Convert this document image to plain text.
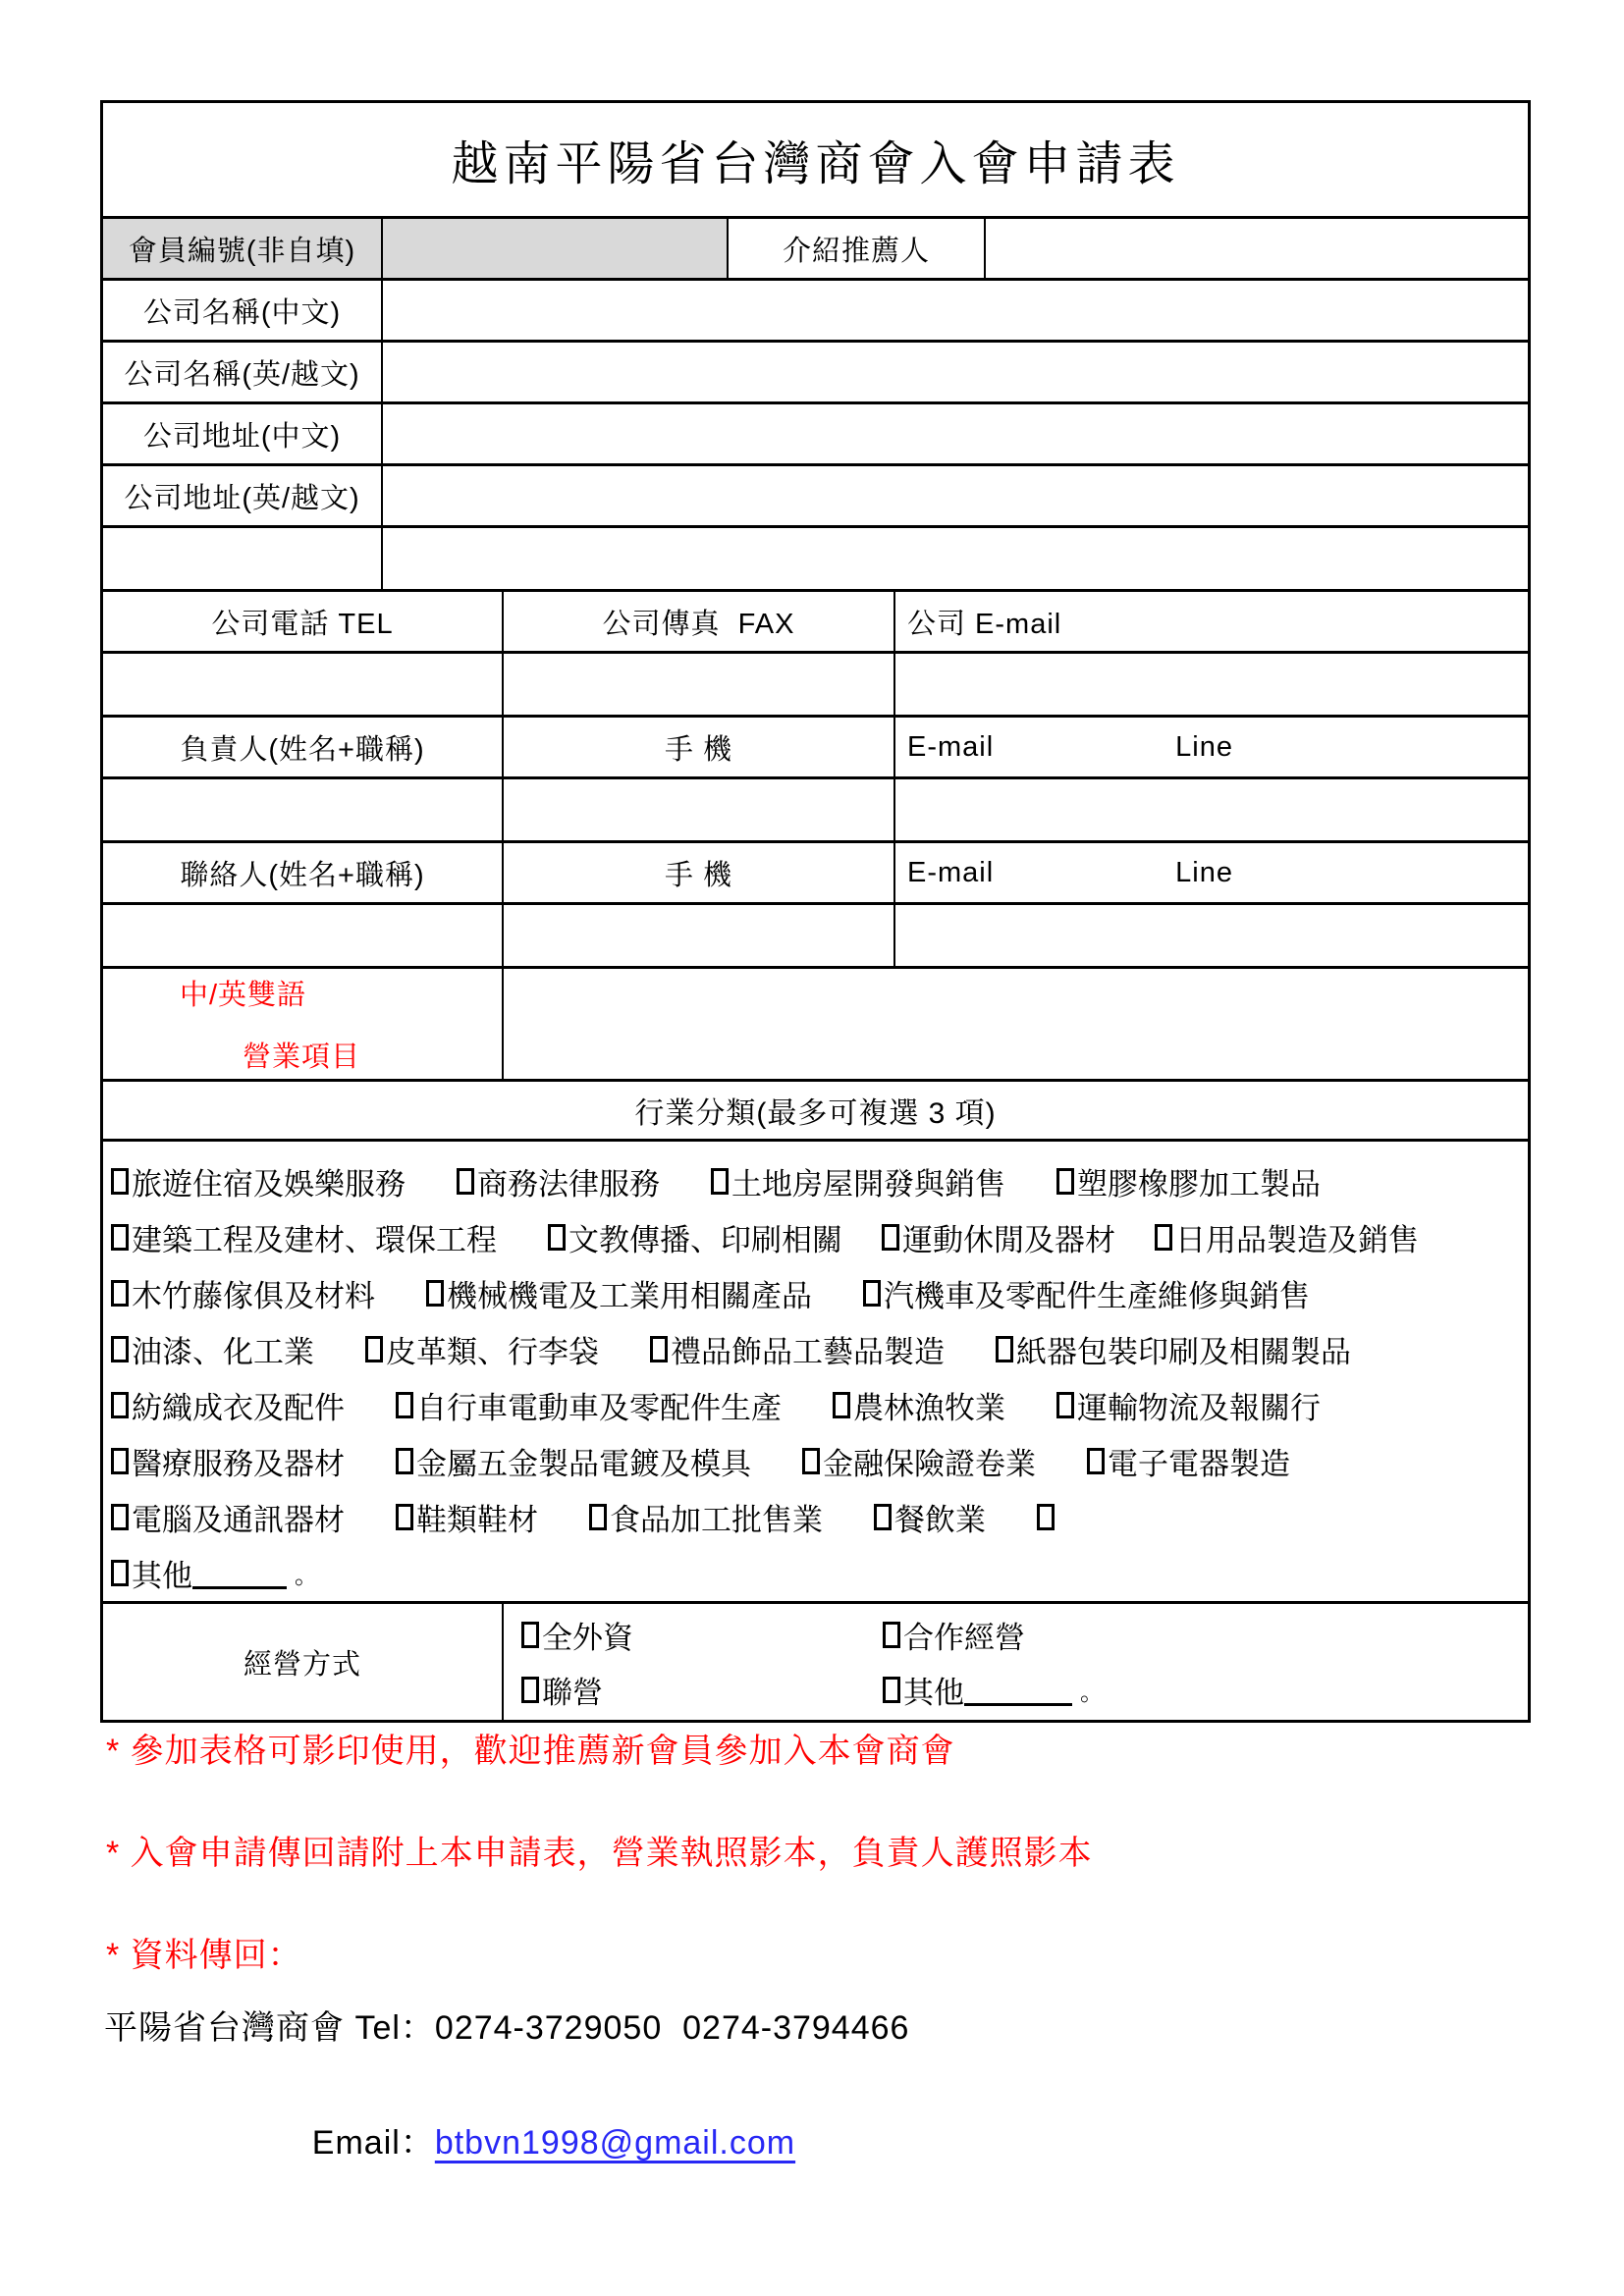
越南平陽省台灣商會入會申請表
會員編號(非自填)	介紹推薦人
公司名稱(中文)
公司名稱(英/越文)
公司地址(中文)
公司地址(英/越文)
公司電話 TEL	公司傳真  FAX	公司 E-mail
負責人(姓名+職稱)	手 機	E-mail	Line
聯絡人(姓名+職稱)	手 機	E-mail	Line
中/英雙語
營業項目
行業分類(最多可複選 3 項)
旅遊住宿及娛樂服務 商務法律服務 土地房屋開發與銷售 塑膠橡膠加工製品
建築工程及建材、環保工程 文教傳播、印刷相關 運動休閒及器材 日用品製造及銷售
木竹藤傢俱及材料 機械機電及工業用相關產品 汽機車及零配件生產維修與銷售
油漆、化工業 皮革類、行李袋 禮品飾品工藝品製造 紙器包裝印刷及相關製品
紡織成衣及配件 自行車電動車及零配件生產 農林漁牧業 運輸物流及報關行
醫療服務及器材 金屬五金製品電鍍及模具 金融保險證卷業 電子電器製造
電腦及通訊器材 鞋類鞋材 食品加工批售業 餐飲業
其他	。
經營方式
全外資	合作經營
聯營	其他	。
* 參加表格可影印使用，歡迎推薦新會員參加入本會商會
* 入會申請傳回請附上本申請表，營業執照影本，負責人護照影本
* 資料傳回：
平陽省台灣商會 Tel：0274-3729050  0274-3794466

Email：btbvn1998@gmail.com
